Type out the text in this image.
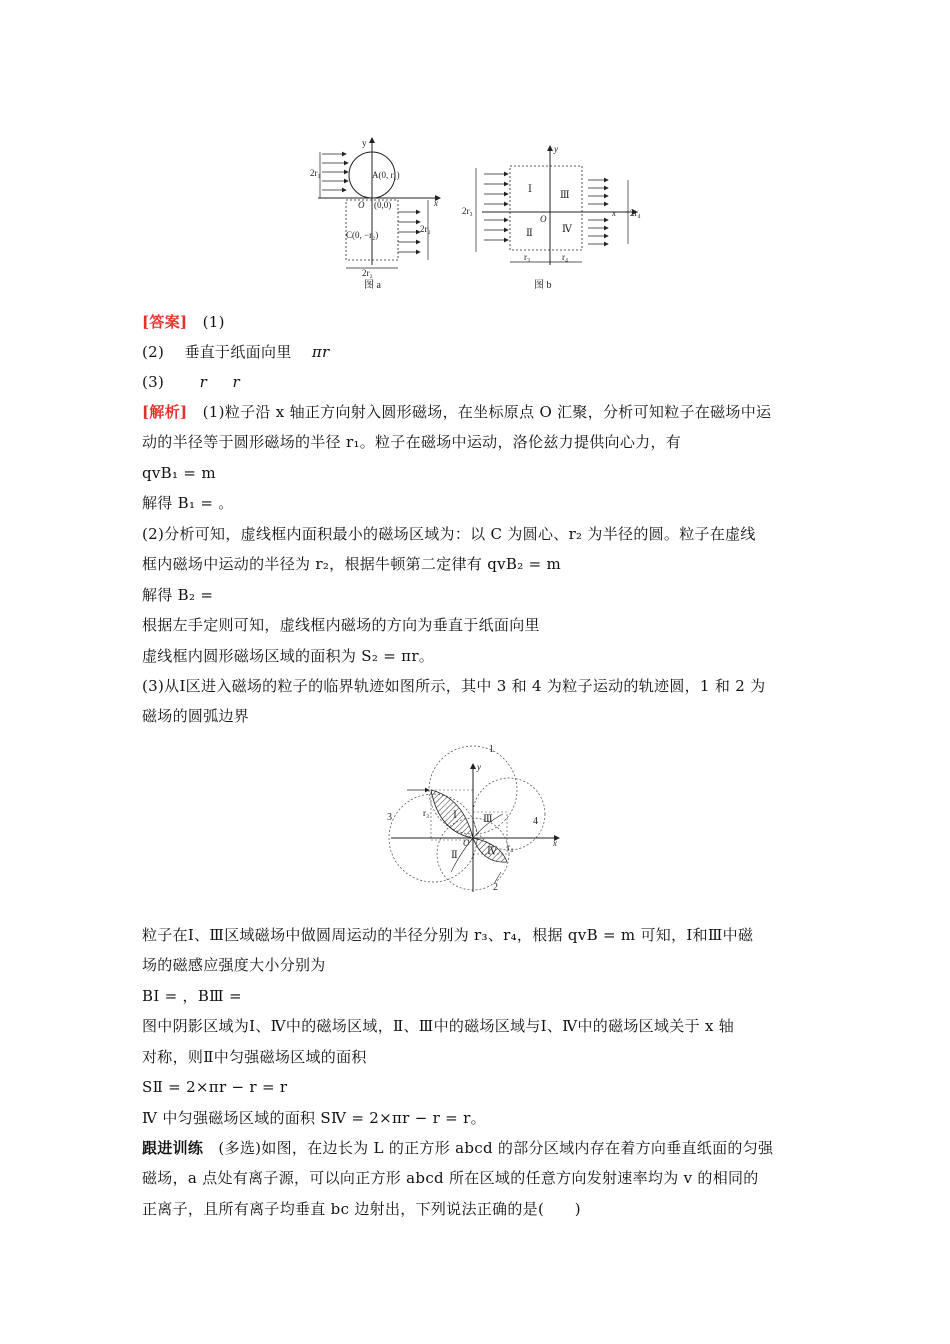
y
x
O (0,0)
A(0, r₁)
C(0, −r₂)
2r₁
2r₂
2r₂
图 a
y
x
O
Ⅰ
Ⅱ
Ⅲ
Ⅳ
2r₃	2r₄
r₃	r₄
图 b
[答案] (1)
(2) 垂直于纸面向里 πr
(3) r r
[解析] (1)粒子沿 x 轴正方向射入圆形磁场，在坐标原点 O 汇聚，分析可知粒子在磁场中运
动的半径等于圆形磁场的半径 r₁。粒子在磁场中运动，洛伦兹力提供向心力，有
qvB₁ = m
解得 B₁ = 。
(2)分析可知，虚线框内面积最小的磁场区域为：以 C 为圆心、r₂ 为半径的圆。粒子在虚线
框内磁场中运动的半径为 r₂，根据牛顿第二定律有 qvB₂ = m
解得 B₂ =
根据左手定则可知，虚线框内磁场的方向为垂直于纸面向里
虚线框内圆形磁场区域的面积为 S₂ = πr。
(3)从Ⅰ区进入磁场的粒子的临界轨迹如图所示，其中 3 和 4 为粒子运动的轨迹圆，1 和 2 为
磁场的圆弧边界
y
x
O
1
2
3	4
Ⅰ
Ⅱ
Ⅲ
Ⅳ
r₃
r₄
粒子在Ⅰ、Ⅲ区域磁场中做圆周运动的半径分别为 r₃、r₄，根据 qvB = m 可知，Ⅰ和Ⅲ中磁
场的磁感应强度大小分别为
BⅠ = ，BⅢ =
图中阴影区域为Ⅰ、Ⅳ中的磁场区域，Ⅱ、Ⅲ中的磁场区域与Ⅰ、Ⅳ中的磁场区域关于 x 轴
对称，则Ⅱ中匀强磁场区域的面积
SⅡ = 2×πr − r = r
Ⅳ 中匀强磁场区域的面积 SⅣ = 2×πr − r = r。
跟进训练 (多选)如图，在边长为 L 的正方形 abcd 的部分区域内存在着方向垂直纸面的匀强
磁场，a 点处有离子源，可以向正方形 abcd 所在区域的任意方向发射速率均为 v 的相同的
正离子，且所有离子均垂直 bc 边射出，下列说法正确的是(　　)
